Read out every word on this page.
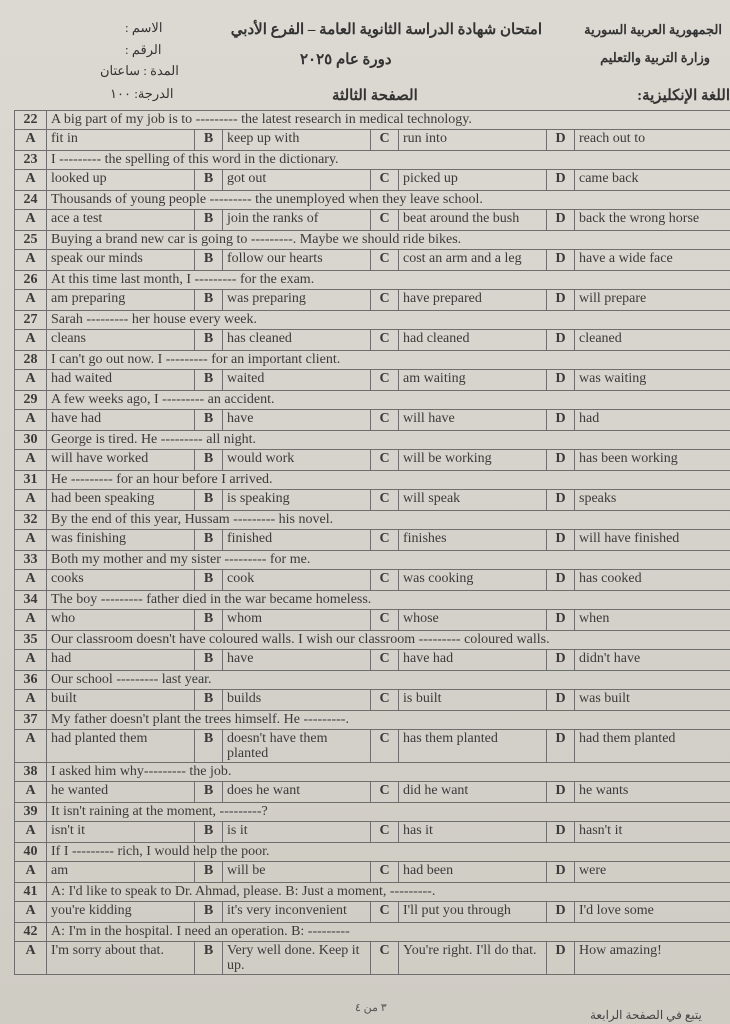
الجمهورية العربية السورية
وزارة التربية والتعليم
امتحان شهادة الدراسة الثانوية العامة – الفرع الأدبي
دورة عام ٢٠٢٥
الاسم :
الرقم :
المدة : ساعتان
الدرجة: ١٠٠	الصفحة الثالثة	اللغة الإنكليزية:
22	A big part of my job is to --------- the latest research in medical technology.						
A	fit in	B	keep up with	C	run into	D	reach out to
23	I --------- the spelling of this word in the dictionary.						
A	looked up	B	got out	C	picked up	D	came back
24	Thousands of young people --------- the unemployed when they leave school.						
A	ace a test	B	join the ranks of	C	beat around the bush	D	back the wrong horse
25	Buying a brand new car is going to ---------. Maybe we should ride bikes.						
A	speak our minds	B	follow our hearts	C	cost an arm and a leg	D	have a wide face
26	At this time last month, I --------- for the exam.						
A	am preparing	B	was preparing	C	have prepared	D	will prepare
27	Sarah --------- her house every week.						
A	cleans	B	has cleaned	C	had cleaned	D	cleaned
28	I can't go out now. I --------- for an important client.						
A	had waited	B	waited	C	am waiting	D	was waiting
29	A few weeks ago, I --------- an accident.						
A	have had	B	have	C	will have	D	had
30	George is tired. He --------- all night.						
A	will have worked	B	would work	C	will be working	D	has been working
31	He --------- for an hour before I arrived.						
A	had been speaking	B	is speaking	C	will speak	D	speaks
32	By the end of this year, Hussam --------- his novel.						
A	was finishing	B	finished	C	finishes	D	will have finished
33	Both my mother and my sister --------- for me.						
A	cooks	B	cook	C	was cooking	D	has cooked
34	The boy --------- father died in the war became homeless.						
A	who	B	whom	C	whose	D	when
35	Our classroom doesn't have coloured walls. I wish our classroom --------- coloured walls.						
A	had	B	have	C	have had	D	didn't have
36	Our school --------- last year.						
A	built	B	builds	C	is built	D	was built
37	My father doesn't plant the trees himself. He ---------.						
A	had planted them	B	doesn't have them planted	C	has them planted	D	had them planted
38	I asked him why--------- the job.						
A	he wanted	B	does he want	C	did he want	D	he wants
39	It isn't raining at the moment, ---------?						
A	isn't it	B	is it	C	has it	D	hasn't it
40	If I --------- rich, I would help the poor.						
A	am	B	will be	C	had been	D	were
41	A: I'd like to speak to Dr. Ahmad, please. B: Just a moment, ---------.						
A	you're kidding	B	it's very inconvenient	C	I'll put you through	D	I'd love some
42	A: I'm in the hospital. I need an operation. B: ---------						
A	I'm sorry about that.	B	Very well done. Keep it up.	C	You're right. I'll do that.	D	How amazing!
٣ من ٤	يتبع في الصفحة الرابعة
